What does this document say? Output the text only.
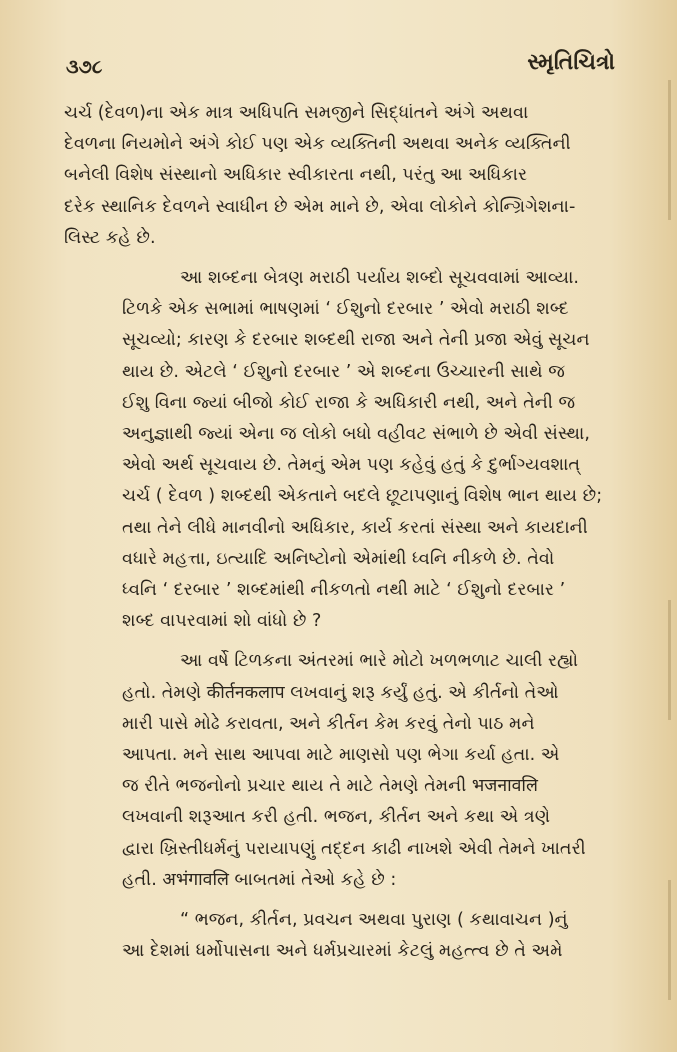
૩૭૮	સ્મૃતિચિત્રો

ચર્ચ (દેવળ)ના એક માત્ર અધિપતિ સમજીને સિદ્ધાંતને અંગે અથવા
દેવળના નિયમોને અંગે કોઈ પણ એક વ્યક્તિની અથવા અનેક વ્યક્તિની
બનેલી વિશેષ સંસ્થાનો અધિકાર સ્વીકારતા નથી, પરંતુ આ અધિકાર
દરેક સ્થાનિક દેવળને સ્વાધીન છે એમ માને છે, એવા લોકોને કોન્ગ્રિગેશના-
લિસ્ટ કહે છે.

આ શબ્દના બેત્રણ મરાઠી પર્યાય શબ્દો સૂચવવામાં આવ્યા.
ટિળકે એક સભામાં ભાષણમાં ‘ ઈશુનો દરબાર ’ એવો મરાઠી શબ્દ
સૂચવ્યો; કારણ કે દરબાર શબ્દથી રાજા અને તેની પ્રજા એવું સૂચન
થાય છે. એટલે ‘ ઈશુનો દરબાર ’ એ શબ્દના ઉચ્ચારની સાથે જ
ઈશુ વિના જ્યાં બીજો કોઈ રાજા કે અધિકારી નથી, અને તેની જ
અનુજ્ઞાથી જ્યાં એના જ લોકો બધો વહીવટ સંભાળે છે એવી સંસ્થા,
એવો અર્થ સૂચવાય છે. તેમનું એમ પણ કહેવું હતું કે દુર્ભાગ્યવશાત્
ચર્ચ ( દેવળ ) શબ્દથી એકતાને બદલે છૂટાપણાનું વિશેષ ભાન થાય છે;
તથા તેને લીધે માનવીનો અધિકાર, કાર્ય કરતાં સંસ્થા અને કાયદાની
વધારે મહત્તા, ઇત્યાદિ અનિષ્ટોનો એમાંથી ધ્વનિ નીકળે છે. તેવો
ધ્વનિ ‘ દરબાર ’ શબ્દમાંથી નીકળતો નથી માટે ‘ ઈશુનો દરબાર ’
શબ્દ વાપરવામાં શો વાંધો છે ?

આ વર્ષે ટિળકના અંતરમાં ભારે મોટો ખળભળાટ ચાલી રહ્યો
હતો. તેમણે कीर्तनकलाप લખવાનું શરૂ કર્યું હતું. એ કીર્તનો તેઓ
મારી પાસે મોઢે કરાવતા, અને કીર્તન કેમ કરવું તેનો પાઠ મને
આપતા. મને સાથ આપવા માટે માણસો પણ ભેગા કર્યા હતા. એ
જ રીતે ભજનોનો પ્રચાર થાય તે માટે તેમણે તેમની भजनावलि
લખવાની શરૂઆત કરી હતી. ભજન, કીર્તન અને કથા એ ત્રણે
દ્વારા ખ્રિસ્તીધર્મનું પરાયાપણું તદ્દન કાઢી નાખશે એવી તેમને ખાતરી
હતી. अभंगावलि બાબતમાં તેઓ કહે છે :

“ ભજન, કીર્તન, પ્રવચન અથવા પુરાણ ( કથાવાચન )નું
આ દેશમાં ધર્મોપાસના અને ધર્મપ્રચારમાં કેટલું મહત્ત્વ છે તે અમે
